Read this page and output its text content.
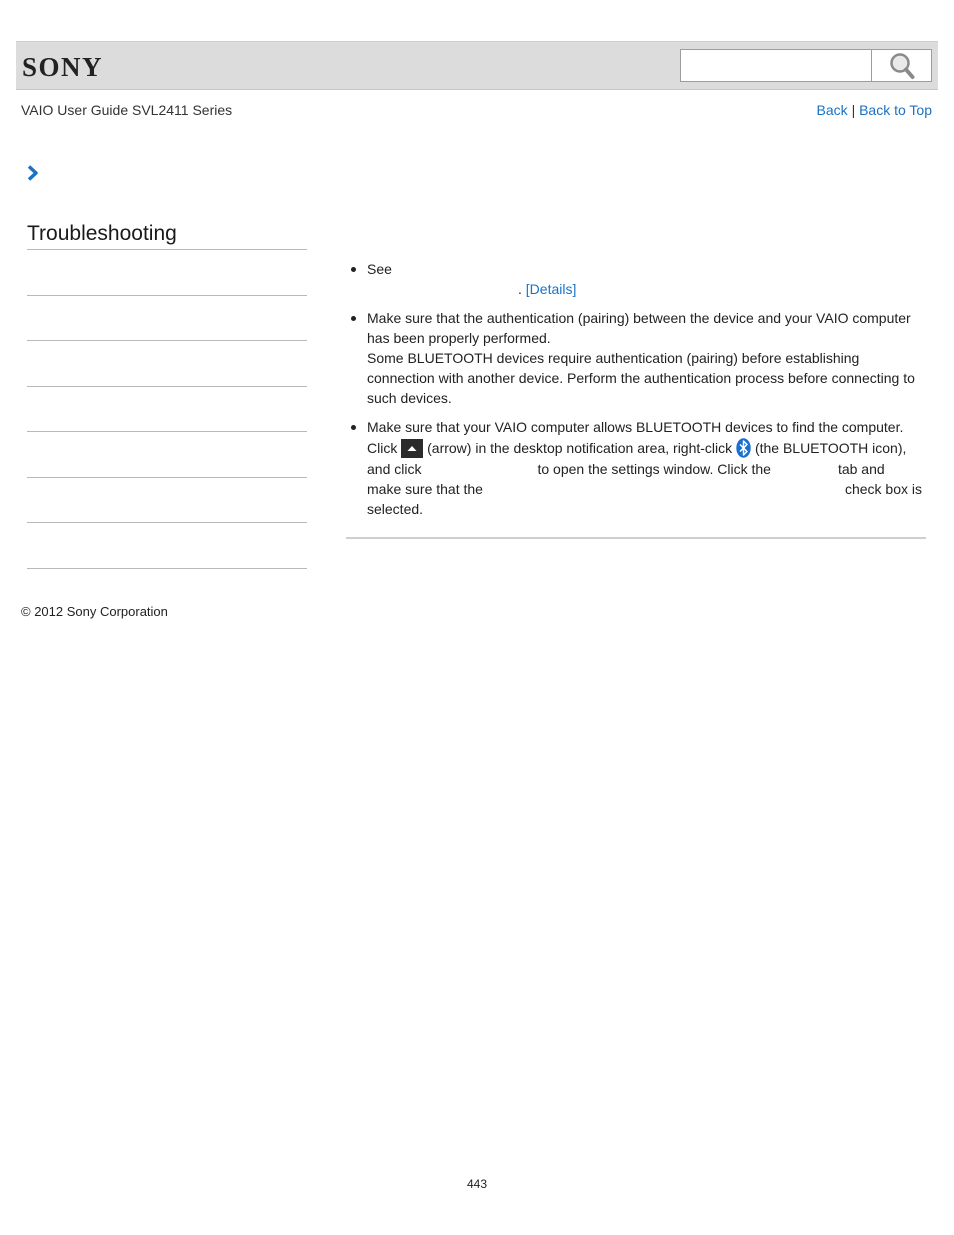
SONY
VAIO User Guide SVL2411 Series	Back | Back to Top
Troubleshooting

See

. [Details]

Make sure that the authentication (pairing) between the device and your VAIO computer has been properly performed.

Some BLUETOOTH devices require authentication (pairing) before establishing connection with another device. Perform the authentication process before connecting to such devices.

Make sure that your VAIO computer allows BLUETOOTH devices to find the computer.

Click (arrow) in the desktop notification area, right-click (the BLUETOOTH icon),

and click	to open the settings window. Click the	tab and

make sure that the	check box is

selected.

© 2012 Sony Corporation
443
